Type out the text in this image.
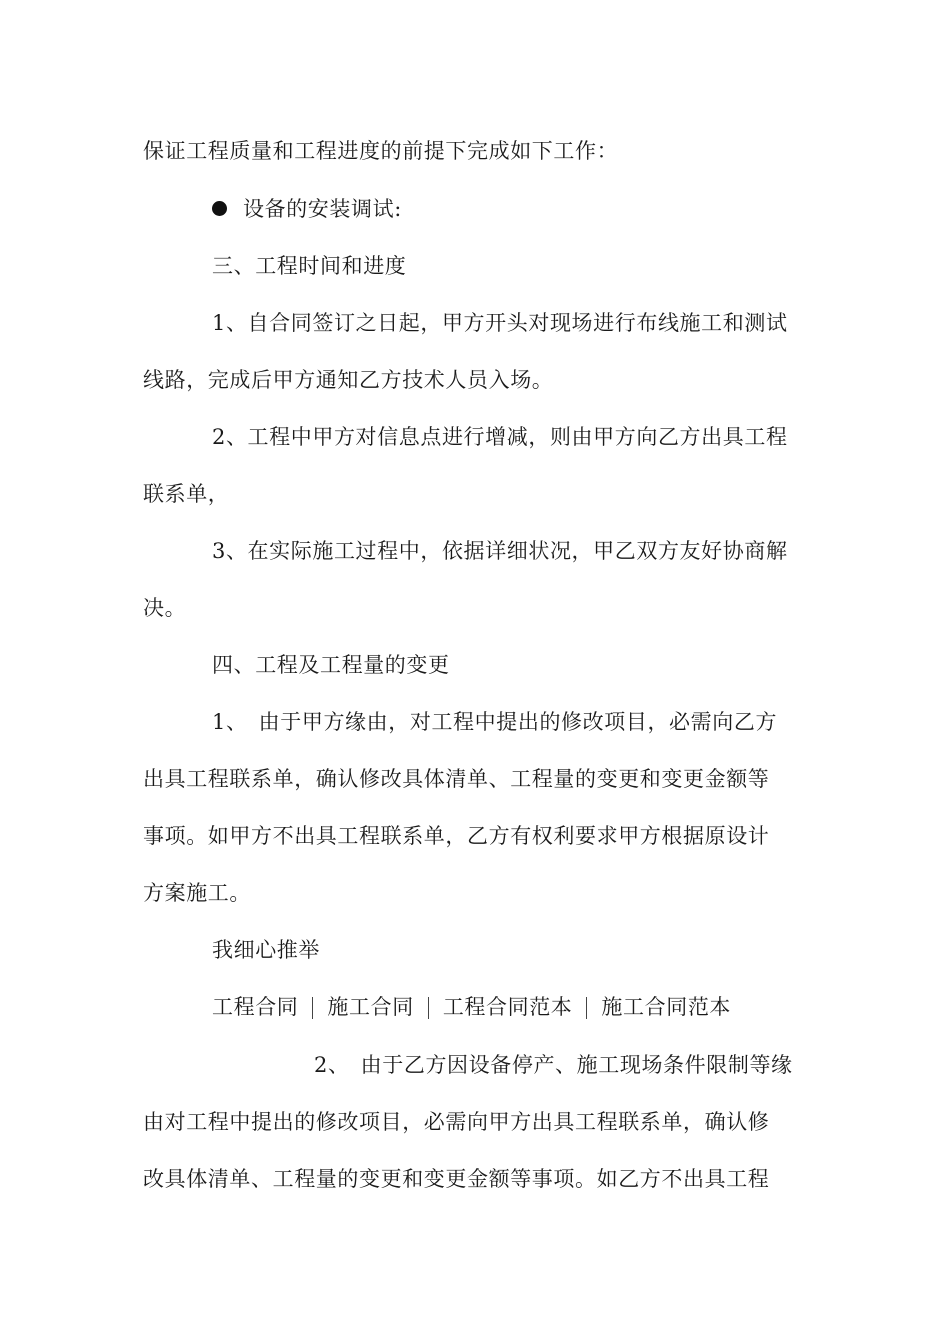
保证工程质量和工程进度的前提下完成如下工作：
设备的安装调试:
三、工程时间和进度
1、自合同签订之日起，甲方开头对现场进行布线施工和测试
线路，完成后甲方通知乙方技术人员入场。
2、工程中甲方对信息点进行增减，则由甲方向乙方出具工程
联系单，
3、在实际施工过程中，依据详细状况，甲乙双方友好协商解
决。
四、工程及工程量的变更
1、　由于甲方缘由，对工程中提出的修改项目，必需向乙方
出具工程联系单，确认修改具体清单、工程量的变更和变更金额等
事项。如甲方不出具工程联系单，乙方有权利要求甲方根据原设计
方案施工。
我细心推举
工程合同 施工合同 工程合同范本 施工合同范本
2、　由于乙方因设备停产、施工现场条件限制等缘
由对工程中提出的修改项目，必需向甲方出具工程联系单，确认修
改具体清单、工程量的变更和变更金额等事项。如乙方不出具工程
